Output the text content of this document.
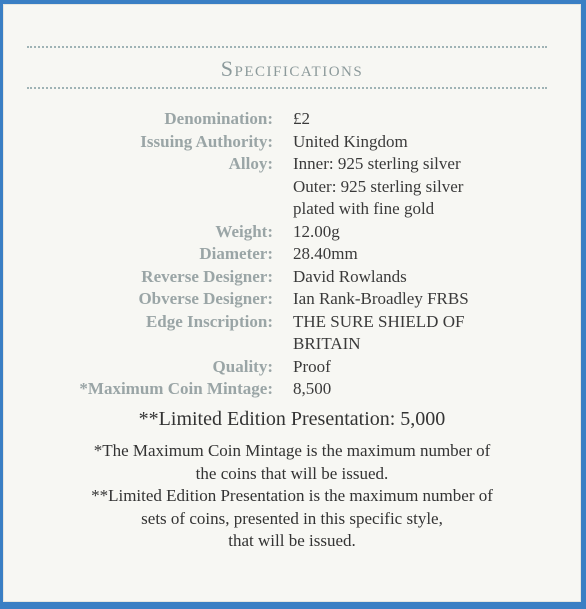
Specifications
Denomination: £2
Issuing Authority: United Kingdom
Alloy: Inner: 925 sterling silver
Outer: 925 sterling silver
plated with fine gold
Weight: 12.00g
Diameter: 28.40mm
Reverse Designer: David Rowlands
Obverse Designer: Ian Rank-Broadley FRBS
Edge Inscription: THE SURE SHIELD OF
BRITAIN
Quality: Proof
*Maximum Coin Mintage: 8,500
**Limited Edition Presentation: 5,000
*The Maximum Coin Mintage is the maximum number of
the coins that will be issued.
**Limited Edition Presentation is the maximum number of
sets of coins, presented in this specific style,
that will be issued.
